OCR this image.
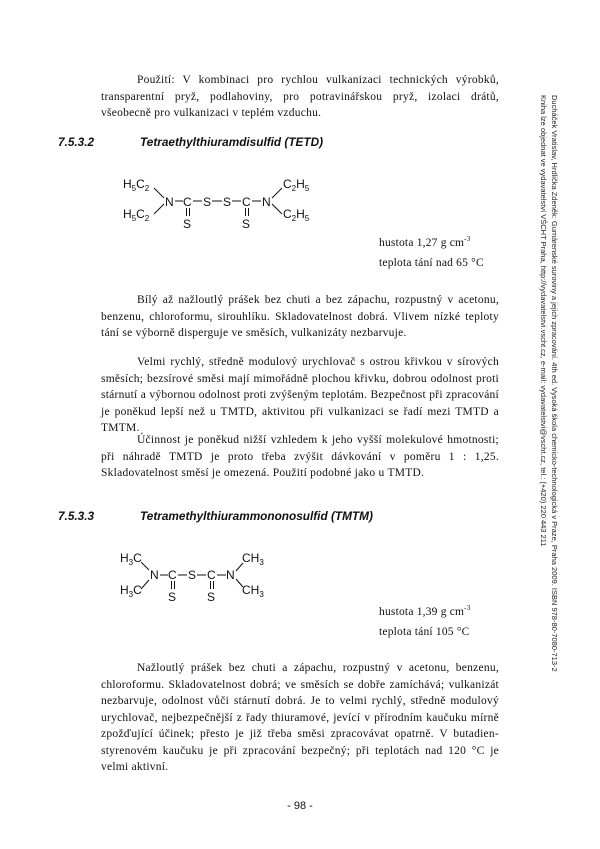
Ducháček Vratislav, Hrdlička Zdeněk: Gumárenské suroviny a jejich zpracování. 4th ed. Vysoká škola chemicko-technologická v Praze, Praha 2009. ISBN 978-80-7080-713-2
Kniha lze objednat ve vydavatelství VŠCHT Praha, http://vydavatelstvi.vscht.cz, e-mail: vydavatelstvi@vscht.cz, tel.: (+420) 220 443 211

Použití: V kombinaci pro rychlou vulkanizaci technických výrobků, transparentní pryž, podlahoviny, pro potravinářskou pryž, izolaci drátů, všeobecně pro vulkanizaci v teplém vzduchu.

7.5.3.2	Tetraethylthiuramdisulfid (TETD)
$H_5C_2$
$H_5C_2$
N C
S
S S C
S
N
$C_2H_5$
$C_2H_5$
hustota 1,27 g $cm^{-3}$
teplota tání nad 65 °C

Bílý až nažloutlý prášek bez chuti a bez zápachu, rozpustný v acetonu, benzenu, chloroformu, sirouhlíku. Skladovatelnost dobrá. Vlivem nízké teploty tání se výborně disperguje ve směsích, vulkanizáty nezbarvuje.

Velmi rychlý, středně modulový urychlovač s ostrou křivkou v sírových směsích; bezsírové směsi mají mimořádně plochou křivku, dobrou odolnost proti stárnutí a výbornou odolnost proti zvýšeným teplotám. Bezpečnost při zpracování je poněkud lepší než u TMTD, aktivitou při vulkanizaci se řadí mezi TMTD a TMTM.

Účinnost je poněkud nižší vzhledem k jeho vyšší molekulové hmotnosti; při náhradě TMTD je proto třeba zvýšit dávkování v poměru 1 : 1,25. Skladovatelnost směsí je omezená. Použití podobné jako u TMTD.

7.5.3.3	Tetramethylthiurammononosulfid (TMTM)
$H_3C$
$H_3C$
N C
S
S C
S
N
$CH_3$
$CH_3$
hustota 1,39 g $cm^{-3}$
teplota tání 105 °C

Nažloutlý prášek bez chuti a zápachu, rozpustný v acetonu, benzenu, chloroformu. Skladovatelnost dobrá; ve směsích se dobře zamíchává; vulkanizát nezbarvuje, odolnost vůči stárnutí dobrá. Je to velmi rychlý, středně modulový urychlovač, nejbezpečnější z řady thiuramové, jevící v přírodním kaučuku mírně zpožďující účinek; přesto je již třeba směsi zpracovávat opatrně. V butadien-styrenovém kaučuku je při zpracování bezpečný; při teplotách nad 120 °C je velmi aktivní.

- 98 -
